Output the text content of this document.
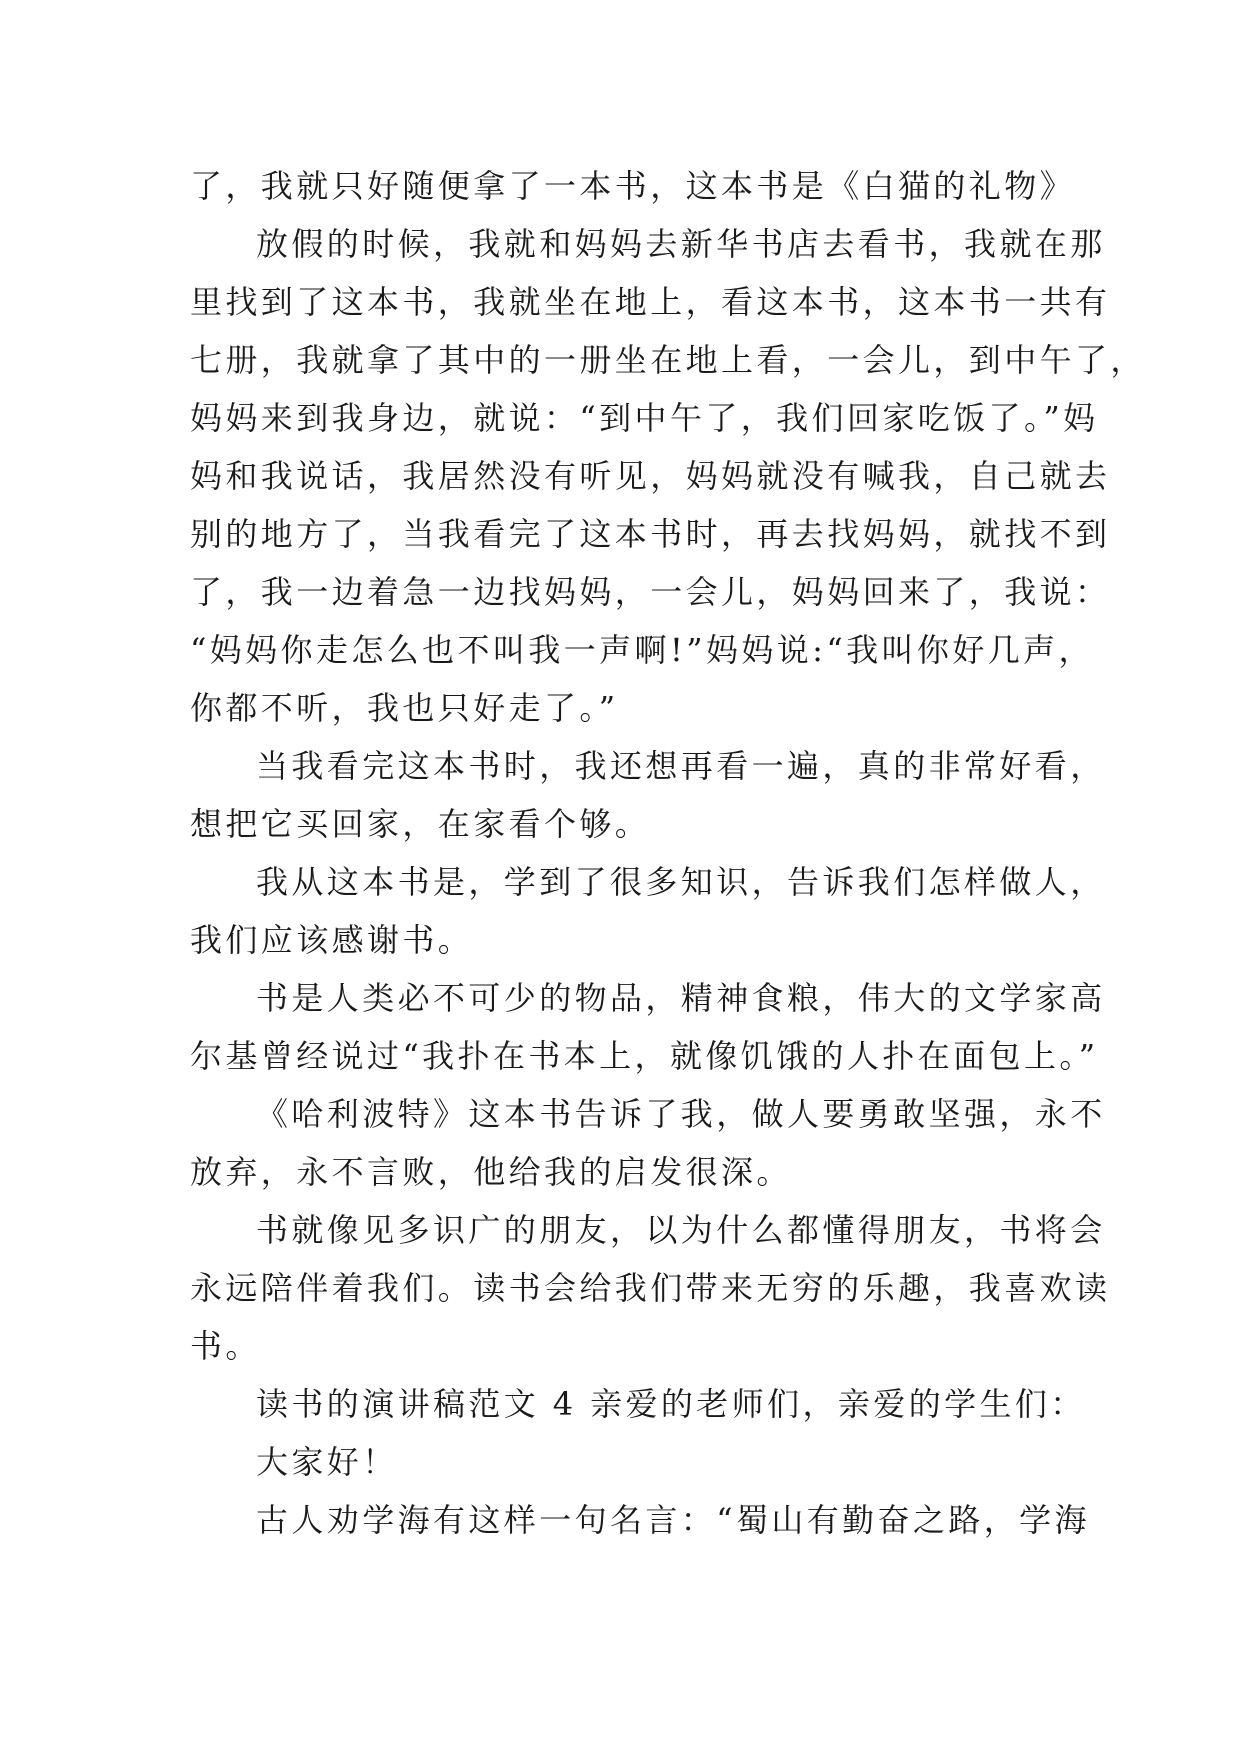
了，我就只好随便拿了一本书，这本书是《白猫的礼物》
放假的时候，我就和妈妈去新华书店去看书，我就在那
里找到了这本书，我就坐在地上，看这本书，这本书一共有
七册，我就拿了其中的一册坐在地上看，一会儿，到中午了，
妈妈来到我身边，就说：“到中午了，我们回家吃饭了。”妈
妈和我说话，我居然没有听见，妈妈就没有喊我，自己就去
别的地方了，当我看完了这本书时，再去找妈妈，就找不到
了，我一边着急一边找妈妈，一会儿，妈妈回来了，我说：
“妈妈你走怎么也不叫我一声啊!”妈妈说:“我叫你好几声，
你都不听，我也只好走了。”
当我看完这本书时，我还想再看一遍，真的非常好看，
想把它买回家，在家看个够。
我从这本书是，学到了很多知识，告诉我们怎样做人，
我们应该感谢书。
书是人类必不可少的物品，精神食粮，伟大的文学家高
尔基曾经说过“我扑在书本上，就像饥饿的人扑在面包上。”
《哈利波特》这本书告诉了我，做人要勇敢坚强，永不
放弃，永不言败，他给我的启发很深。
书就像见多识广的朋友，以为什么都懂得朋友，书将会
永远陪伴着我们。读书会给我们带来无穷的乐趣，我喜欢读
书。
读书的演讲稿范文 4 亲爱的老师们，亲爱的学生们：
大家好！
古人劝学海有这样一句名言：“蜀山有勤奋之路，学海
